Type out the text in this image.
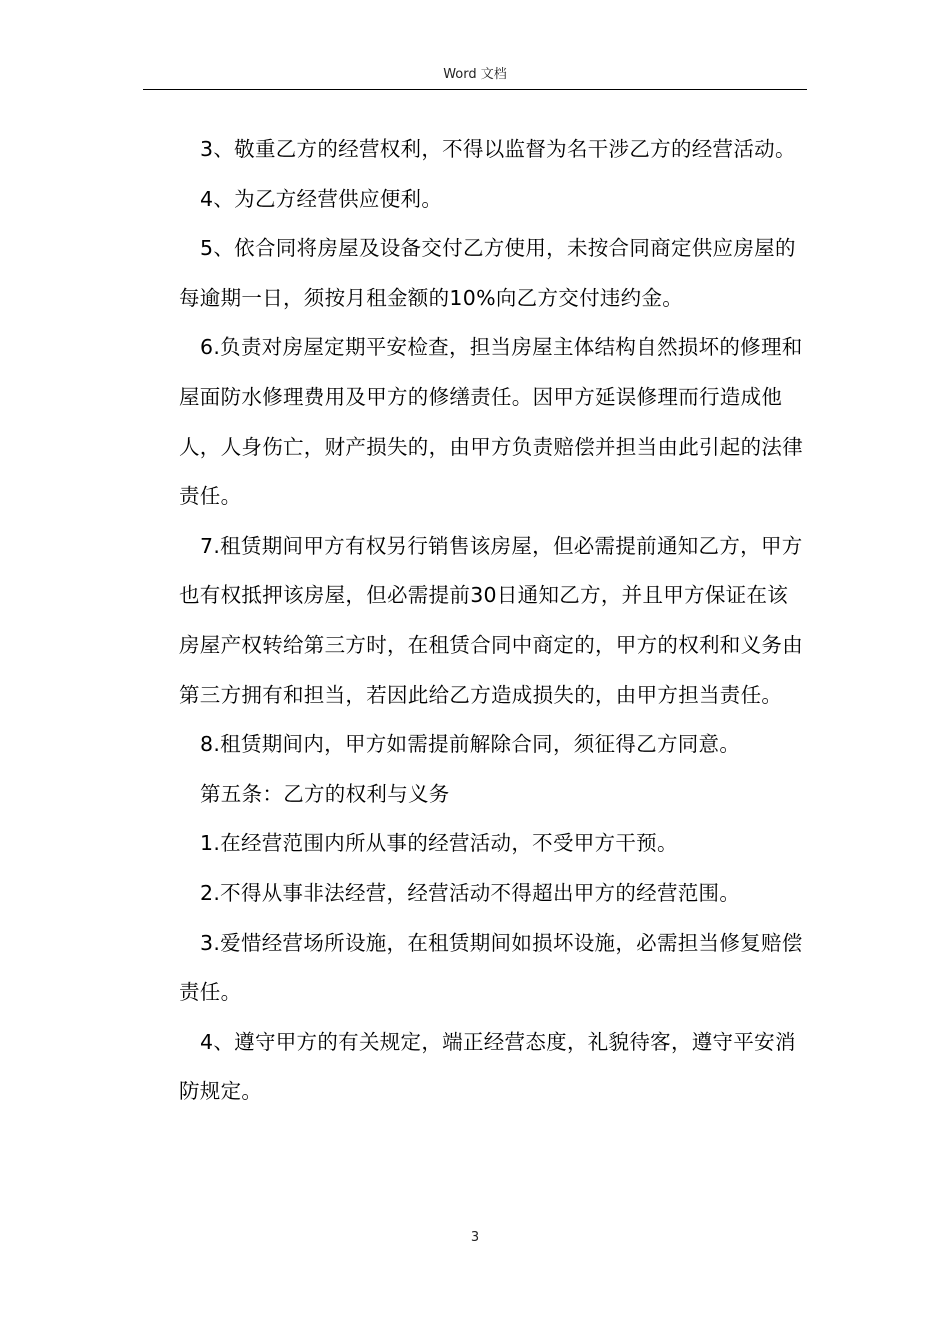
Word 文档

3、敬重乙方的经营权利，不得以监督为名干涉乙方的经营活动。

4、为乙方经营供应便利。

5、依合同将房屋及设备交付乙方使用，未按合同商定供应房屋的每逾期一日，须按月租金额的10%向乙方交付违约金。

6.负责对房屋定期平安检查，担当房屋主体结构自然损坏的修理和屋面防水修理费用及甲方的修缮责任。因甲方延误修理而行造成他人，人身伤亡，财产损失的，由甲方负责赔偿并担当由此引起的法律责任。

7.租赁期间甲方有权另行销售该房屋，但必需提前通知乙方，甲方也有权抵押该房屋，但必需提前30日通知乙方，并且甲方保证在该房屋产权转给第三方时，在租赁合同中商定的，甲方的权利和义务由第三方拥有和担当，若因此给乙方造成损失的，由甲方担当责任。

8.租赁期间内，甲方如需提前解除合同，须征得乙方同意。

第五条：乙方的权利与义务

1.在经营范围内所从事的经营活动，不受甲方干预。

2.不得从事非法经营，经营活动不得超出甲方的经营范围。

3.爱惜经营场所设施，在租赁期间如损坏设施，必需担当修复赔偿责任。

4、遵守甲方的有关规定，端正经营态度，礼貌待客，遵守平安消防规定。

3
